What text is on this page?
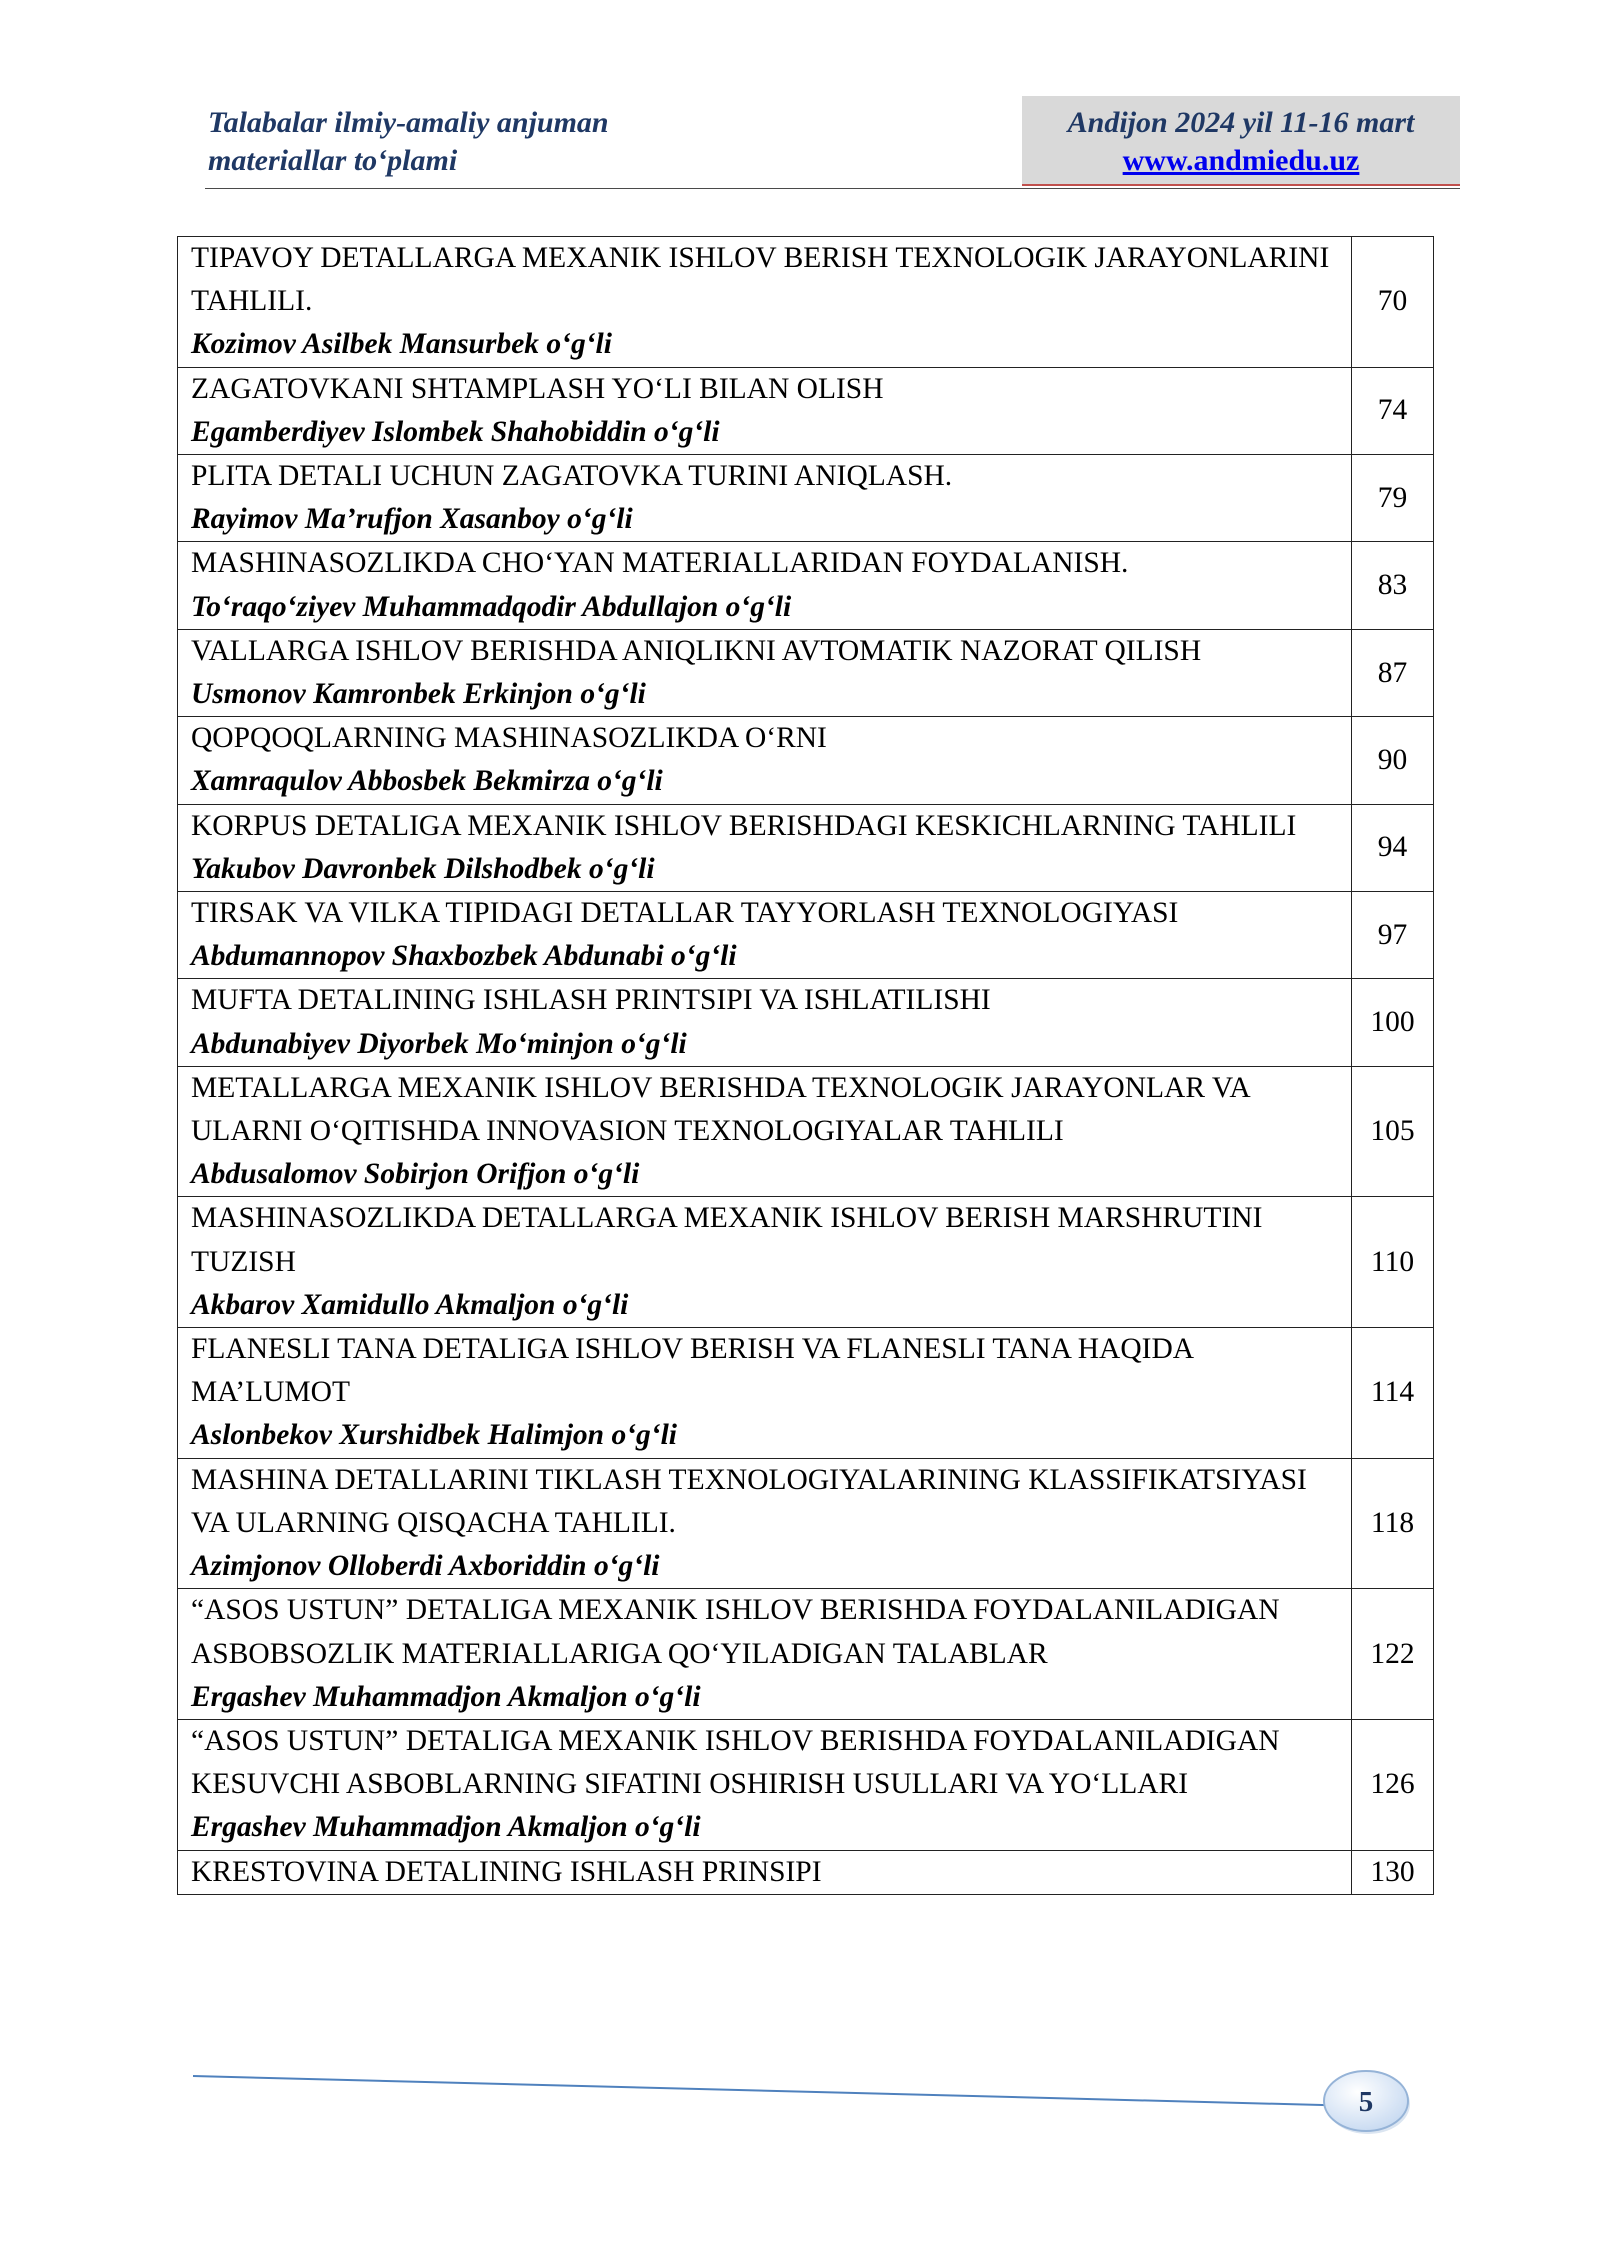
Talabalar ilmiy-amaliy anjuman
materiallar to‘plami
Andijon 2024 yil 11-16 mart
www.andmiedu.uz
TIPAVOY DETALLARGA MEXANIK ISHLOV BERISH TEXNOLOGIK JARAYONLARINI TAHLILI.
Kozimov Asilbek Mansurbek o‘g‘li	70

ZAGATOVKANI SHTAMPLASH YO‘LI BILAN OLISH
Egamberdiyev Islombek Shahobiddin o‘g‘li	74

PLITA DETALI UCHUN ZAGATOVKA TURINI ANIQLASH.
Rayimov Ma’rufjon Xasanboy o‘g‘li	79

MASHINASOZLIKDA CHO‘YAN MATERIALLARIDAN FOYDALANISH.
To‘raqo‘ziyev Muhammadqodir Abdullajon o‘g‘li	83

VALLARGA ISHLOV BERISHDA ANIQLIKNI AVTOMATIK NAZORAT QILISH
Usmonov Kamronbek Erkinjon o‘g‘li	87

QOPQOQLARNING MASHINASOZLIKDA O‘RNI
Xamraqulov Abbosbek Bekmirza o‘g‘li	90

KORPUS DETALIGA MEXANIK ISHLOV BERISHDAGI KESKICHLARNING TAHLILI
Yakubov Davronbek Dilshodbek o‘g‘li	94

TIRSAK VA VILKA TIPIDAGI DETALLAR TAYYORLASH TEXNOLOGIYASI
Abdumannopov Shaxbozbek Abdunabi o‘g‘li	97

MUFTA DETALINING ISHLASH PRINTSIPI VA ISHLATILISHI
Abdunabiyev Diyorbek Mo‘minjon o‘g‘li	100

METALLARGA MEXANIK ISHLOV BERISHDA TEXNOLOGIK JARAYONLAR VA ULARNI O‘QITISHDA INNOVASION TEXNOLOGIYALAR TAHLILI
Abdusalomov Sobirjon Orifjon o‘g‘li	105

MASHINASOZLIKDA DETALLARGA MEXANIK ISHLOV BERISH MARSHRUTINI TUZISH
Akbarov Xamidullo Akmaljon o‘g‘li	110

FLANESLI TANA DETALIGA ISHLOV BERISH VA FLANESLI TANA HAQIDA MA’LUMOT
Aslonbekov Xurshidbek Halimjon o‘g‘li	114

MASHINA DETALLARINI TIKLASH TEXNOLOGIYALARINING KLASSIFIKATSIYASI VA ULARNING QISQACHA TAHLILI.
Azimjonov Olloberdi Axboriddin o‘g‘li	118

“ASOS USTUN” DETALIGA MEXANIK ISHLOV BERISHDA FOYDALANILADIGAN ASBOBSOZLIK MATERIALLARIGA QO‘YILADIGAN TALABLAR
Ergashev Muhammadjon Akmaljon o‘g‘li	122

“ASOS USTUN” DETALIGA MEXANIK ISHLOV BERISHDA FOYDALANILADIGAN KESUVCHI ASBOBLARNING SIFATINI OSHIRISH USULLARI VA YO‘LLARI
Ergashev Muhammadjon Akmaljon o‘g‘li	126

KRESTOVINA DETALINING ISHLASH PRINSIPI	130
5
